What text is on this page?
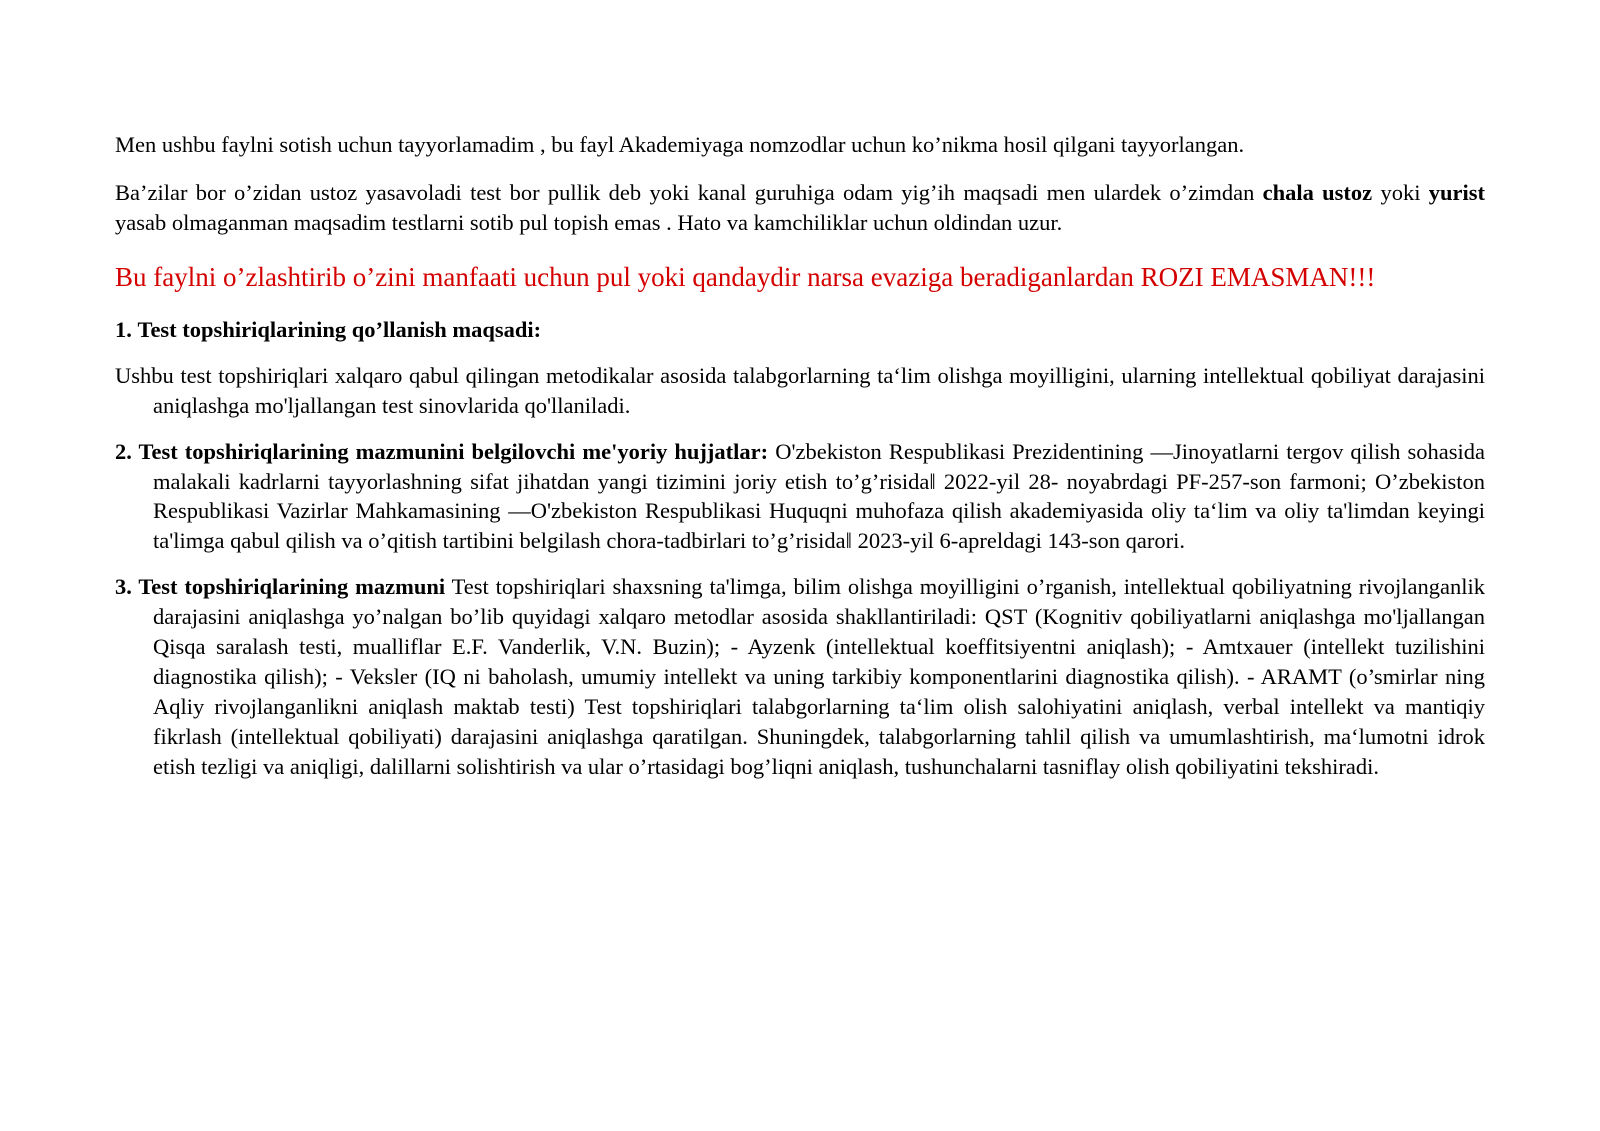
Men ushbu faylni sotish uchun tayyorlamadim , bu fayl Akademiyaga nomzodlar uchun ko’nikma hosil qilgani tayyorlangan.

Ba’zilar bor o’zidan ustoz yasavoladi test bor pullik deb yoki kanal guruhiga odam yig’ih maqsadi men ulardek o’zimdan chala ustoz yoki yurist yasab olmaganman maqsadim testlarni sotib pul topish emas . Hato va kamchiliklar uchun oldindan uzur.

Bu faylni o’zlashtirib o’zini manfaati uchun pul yoki qandaydir narsa evaziga beradiganlardan ROZI EMASMAN!!!

1. Test topshiriqlarining qo’llanish maqsadi:

Ushbu test topshiriqlari xalqaro qabul qilingan metodikalar asosida talabgorlarning ta‘lim olishga moyilligini, ularning intellektual qobiliyat darajasini aniqlashga mo'ljallangan test sinovlarida qo'llaniladi.

2. Test topshiriqlarining mazmunini belgilovchi me'yoriy hujjatlar: O'zbekiston Respublikasi Prezidentining ―Jinoyatlarni tergov qilish sohasida malakali kadrlarni tayyorlashning sifat jihatdan yangi tizimini joriy etish to’g’risida‖ 2022-yil 28- noyabrdagi PF-257-son farmoni; O’zbekiston Respublikasi Vazirlar Mahkamasining ―O'zbekiston Respublikasi Huquqni muhofaza qilish akademiyasida oliy ta‘lim va oliy ta'limdan keyingi ta'limga qabul qilish va o’qitish tartibini belgilash chora-tadbirlari to’g’risida‖ 2023-yil 6-apreldagi 143-son qarori.

3. Test topshiriqlarining mazmuni Test topshiriqlari shaxsning ta'limga, bilim olishga moyilligini o’rganish, intellektual qobiliyatning rivojlanganlik darajasini aniqlashga yo’nalgan bo’lib quyidagi xalqaro metodlar asosida shakllantiriladi: QST (Kognitiv qobiliyatlarni aniqlashga mo'ljallangan Qisqa saralash testi, mualliflar E.F. Vanderlik, V.N. Buzin); - Ayzenk (intellektual koeffitsiyentni aniqlash); - Amtxauer (intellekt tuzilishini diagnostika qilish); - Veksler (IQ ni baholash, umumiy intellekt va uning tarkibiy komponentlarini diagnostika qilish). - ARAMT (o’smirlar ning Aqliy rivojlanganlikni aniqlash maktab testi) Test topshiriqlari talabgorlarning ta‘lim olish salohiyatini aniqlash, verbal intellekt va mantiqiy fikrlash (intellektual qobiliyati) darajasini aniqlashga qaratilgan. Shuningdek, talabgorlarning tahlil qilish va umumlashtirish, ma‘lumotni idrok etish tezligi va aniqligi, dalillarni solishtirish va ular o’rtasidagi bog’liqni aniqlash, tushunchalarni tasniflay olish qobiliyatini tekshiradi.
